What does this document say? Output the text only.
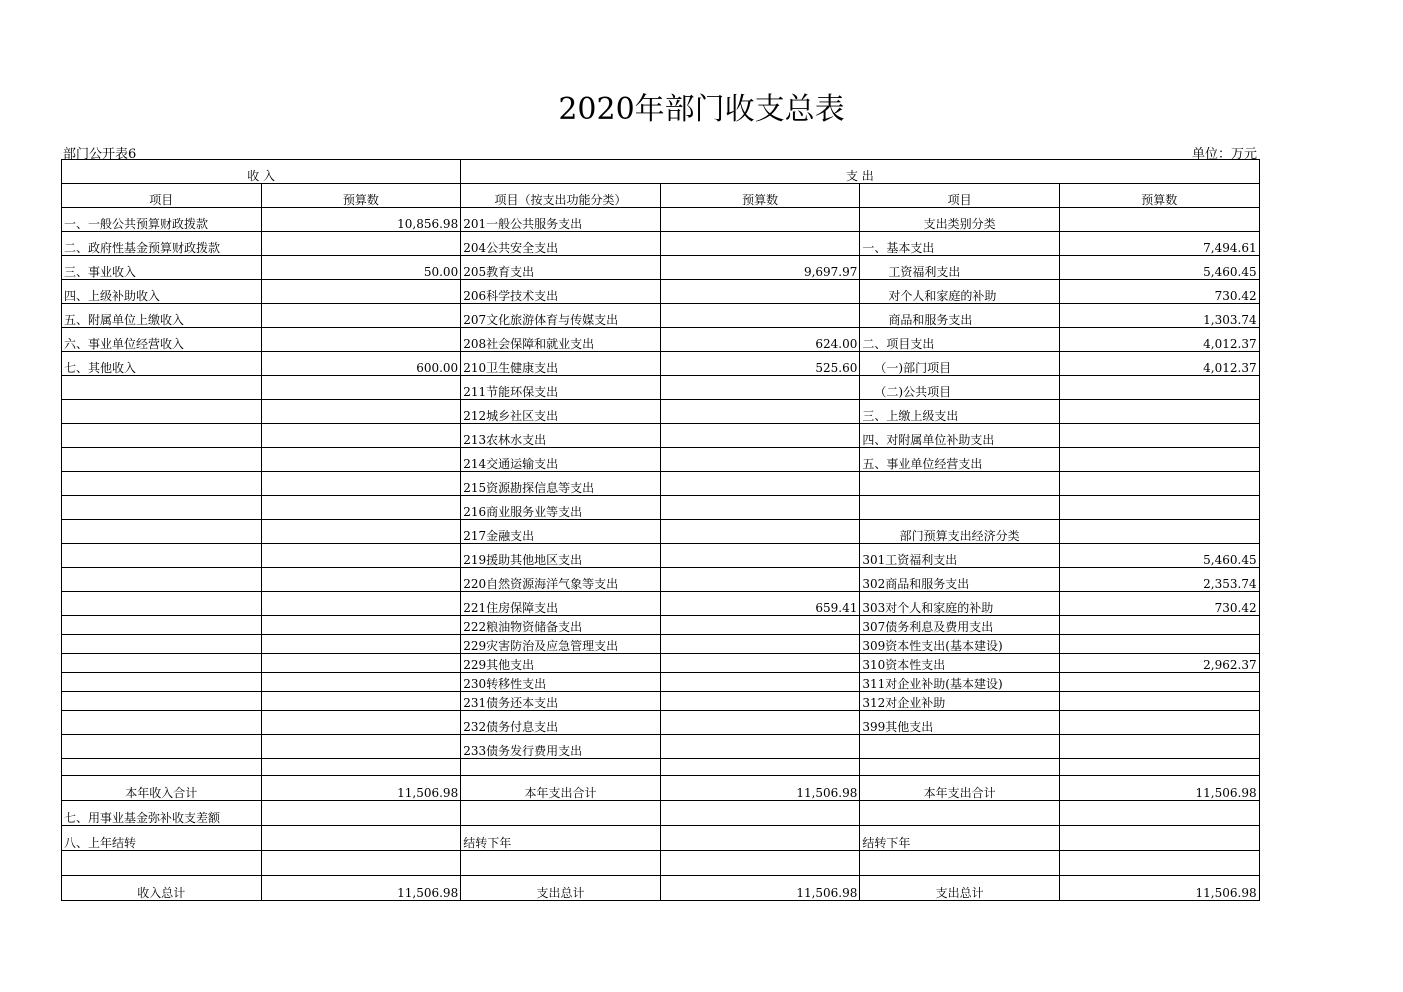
2020年部门收支总表
部门公开表6	单位：万元
收 入		支 出			
项目	预算数	项目（按支出功能分类）	预算数	项目	预算数
一、一般公共预算财政拨款	10,856.98	201一般公共服务支出		支出类别分类	
二、政府性基金预算财政拨款		204公共安全支出		一、基本支出	7,494.61
三、事业收入	50.00	205教育支出	9,697.97	工资福利支出	5,460.45
四、上级补助收入		206科学技术支出		对个人和家庭的补助	730.42
五、附属单位上缴收入		207文化旅游体育与传媒支出		商品和服务支出	1,303.74
六、事业单位经营收入		208社会保障和就业支出	624.00	二、项目支出	4,012.37
七、其他收入	600.00	210卫生健康支出	525.60	（一)部门项目	4,012.37
		211节能环保支出		（二)公共项目	
		212城乡社区支出		三、上缴上级支出	
		213农林水支出		四、对附属单位补助支出	
		214交通运输支出		五、事业单位经营支出	
		215资源勘探信息等支出			
		216商业服务业等支出			
		217金融支出		部门预算支出经济分类	
		219援助其他地区支出		301工资福利支出	5,460.45
		220自然资源海洋气象等支出		302商品和服务支出	2,353.74
		221住房保障支出	659.41	303对个人和家庭的补助	730.42
		222粮油物资储备支出		307债务利息及费用支出	
		229灾害防治及应急管理支出		309资本性支出(基本建设)	
		229其他支出		310资本性支出	2,962.37
		230转移性支出		311对企业补助(基本建设)	
		231债务还本支出		312对企业补助	
		232债务付息支出		399其他支出	
		233债务发行费用支出			

本年收入合计	11,506.98	本年支出合计	11,506.98	本年支出合计	11,506.98
七、用事业基金弥补收支差额					
八、上年结转		结转下年		结转下年	

收入总计	11,506.98	支出总计	11,506.98	支出总计	11,506.98
